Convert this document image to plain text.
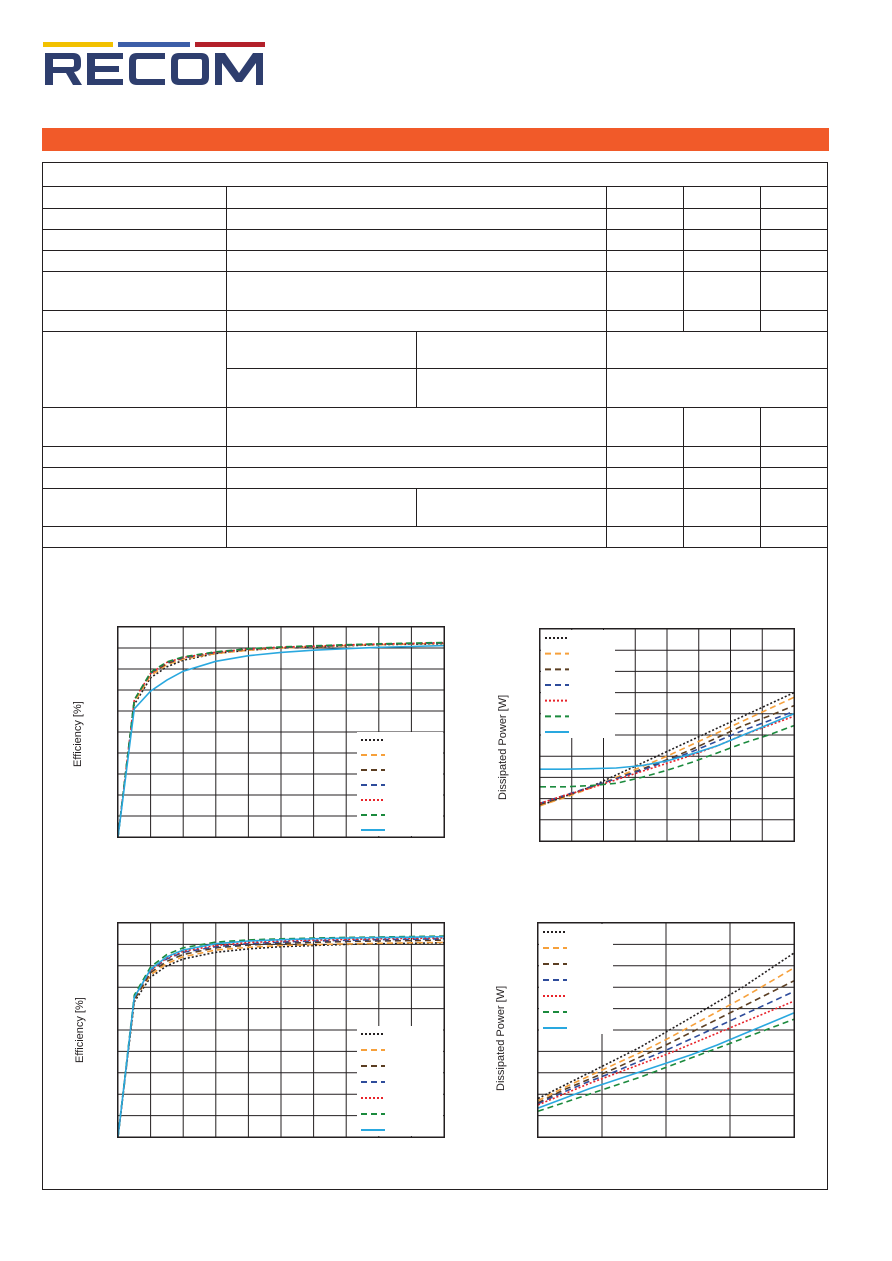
Efficiency [%]	Dissipated Power [W]
Efficiency [%]	Dissipated Power [W]
